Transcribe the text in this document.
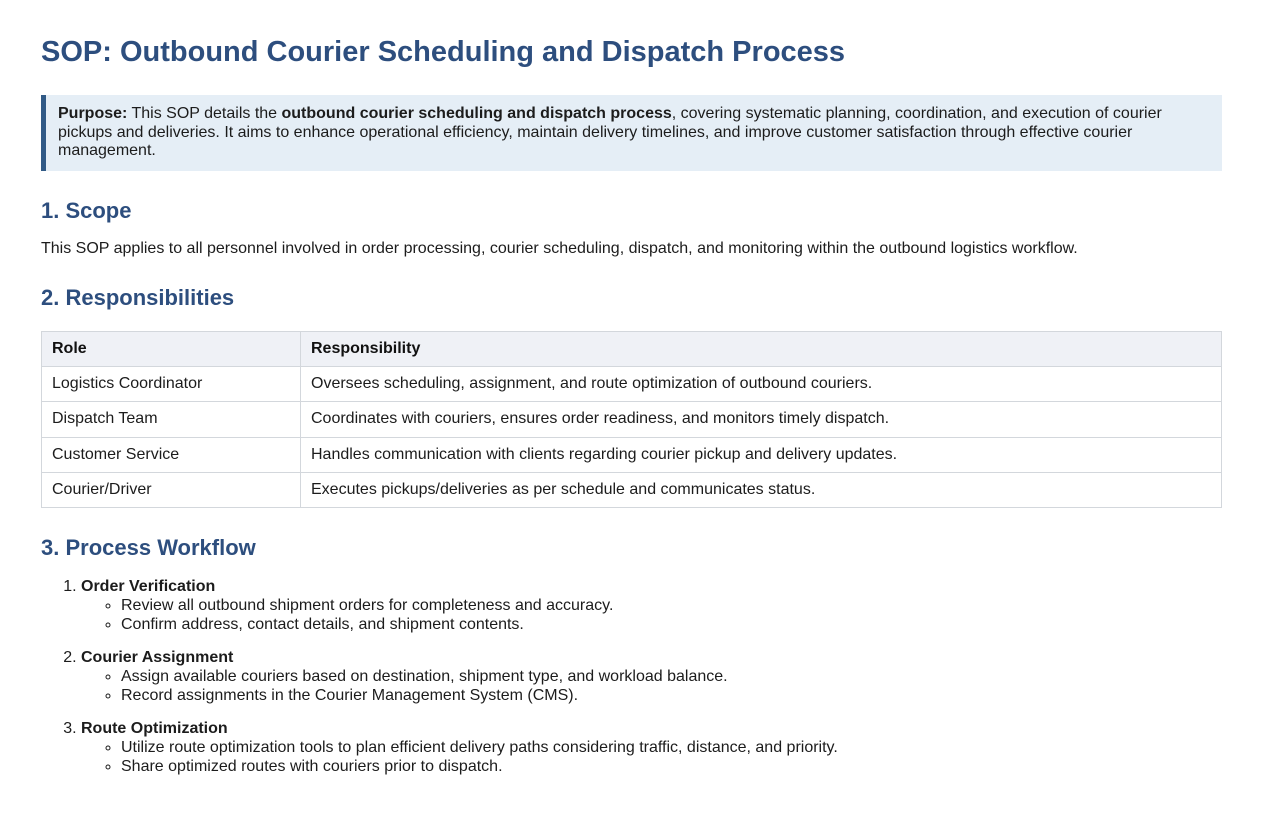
SOP: Outbound Courier Scheduling and Dispatch Process

Purpose: This SOP details the outbound courier scheduling and dispatch process, covering systematic planning, coordination, and execution of courier pickups and deliveries. It aims to enhance operational efficiency, maintain delivery timelines, and improve customer satisfaction through effective courier management.

1. Scope

This SOP applies to all personnel involved in order processing, courier scheduling, dispatch, and monitoring within the outbound logistics workflow.

2. Responsibilities
Role	Responsibility
Logistics Coordinator	Oversees scheduling, assignment, and route optimization of outbound couriers.
Dispatch Team	Coordinates with couriers, ensures order readiness, and monitors timely dispatch.
Customer Service	Handles communication with clients regarding courier pickup and delivery updates.
Courier/Driver	Executes pickups/deliveries as per schedule and communicates status.
3. Process Workflow
1. Order Verification
◦ Review all outbound shipment orders for completeness and accuracy.
◦ Confirm address, contact details, and shipment contents.
2. Courier Assignment
◦ Assign available couriers based on destination, shipment type, and workload balance.
◦ Record assignments in the Courier Management System (CMS).
3. Route Optimization
◦ Utilize route optimization tools to plan efficient delivery paths considering traffic, distance, and priority.
◦ Share optimized routes with couriers prior to dispatch.
